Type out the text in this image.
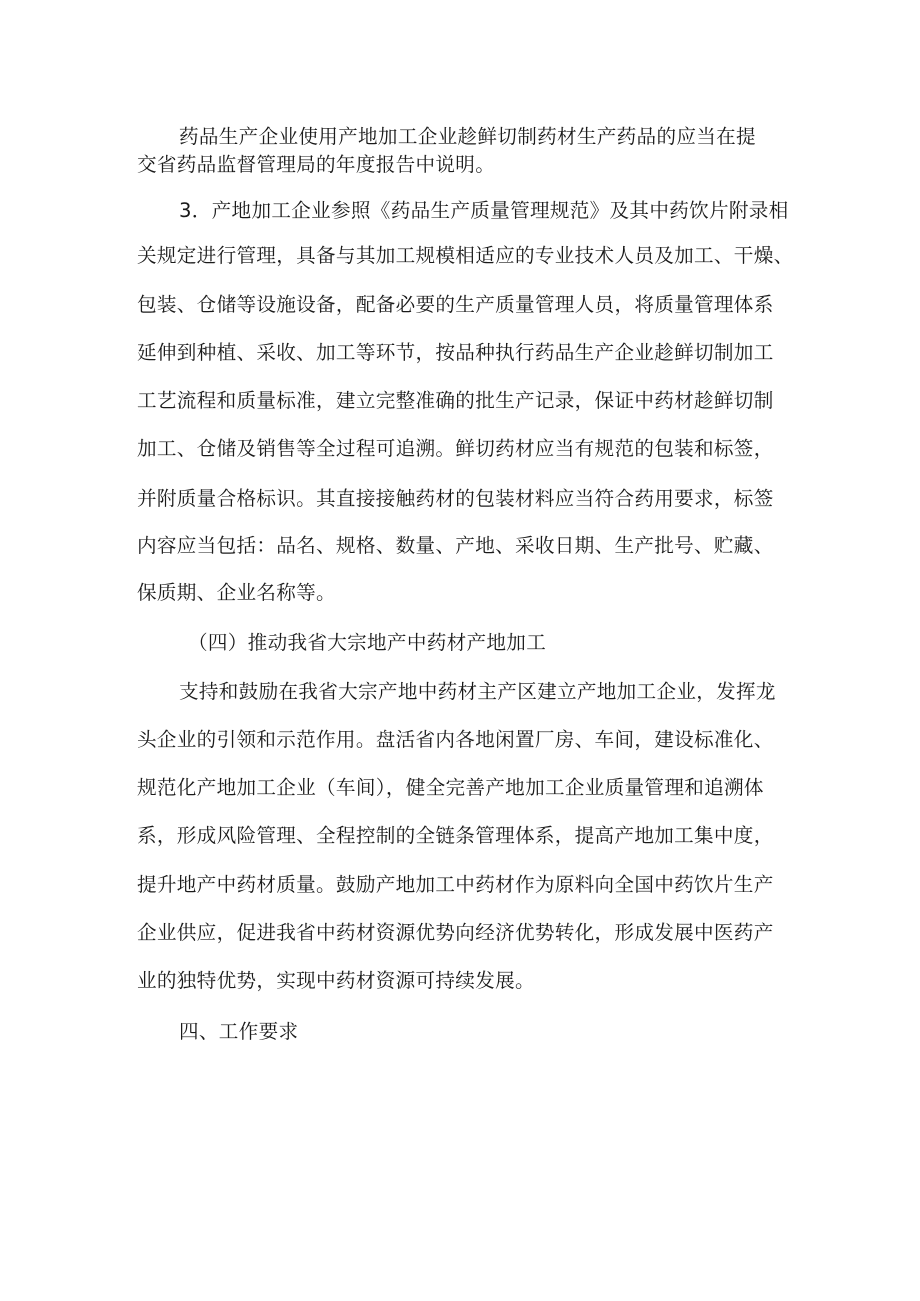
药品生产企业使用产地加工企业趁鲜切制药材生产药品的应当在提
交省药品监督管理局的年度报告中说明。
3．产地加工企业参照《药品生产质量管理规范》及其中药饮片附录相
关规定进行管理，具备与其加工规模相适应的专业技术人员及加工、干燥、
包装、仓储等设施设备，配备必要的生产质量管理人员，将质量管理体系
延伸到种植、采收、加工等环节，按品种执行药品生产企业趁鲜切制加工
工艺流程和质量标准，建立完整准确的批生产记录，保证中药材趁鲜切制
加工、仓储及销售等全过程可追溯。鲜切药材应当有规范的包装和标签，
并附质量合格标识。其直接接触药材的包装材料应当符合药用要求，标签
内容应当包括：品名、规格、数量、产地、采收日期、生产批号、贮藏、
保质期、企业名称等。
（四）推动我省大宗地产中药材产地加工
支持和鼓励在我省大宗产地中药材主产区建立产地加工企业，发挥龙
头企业的引领和示范作用。盘活省内各地闲置厂房、车间，建设标准化、
规范化产地加工企业（车间），健全完善产地加工企业质量管理和追溯体
系，形成风险管理、全程控制的全链条管理体系，提高产地加工集中度，
提升地产中药材质量。鼓励产地加工中药材作为原料向全国中药饮片生产
企业供应，促进我省中药材资源优势向经济优势转化，形成发展中医药产
业的独特优势，实现中药材资源可持续发展。
四、工作要求
